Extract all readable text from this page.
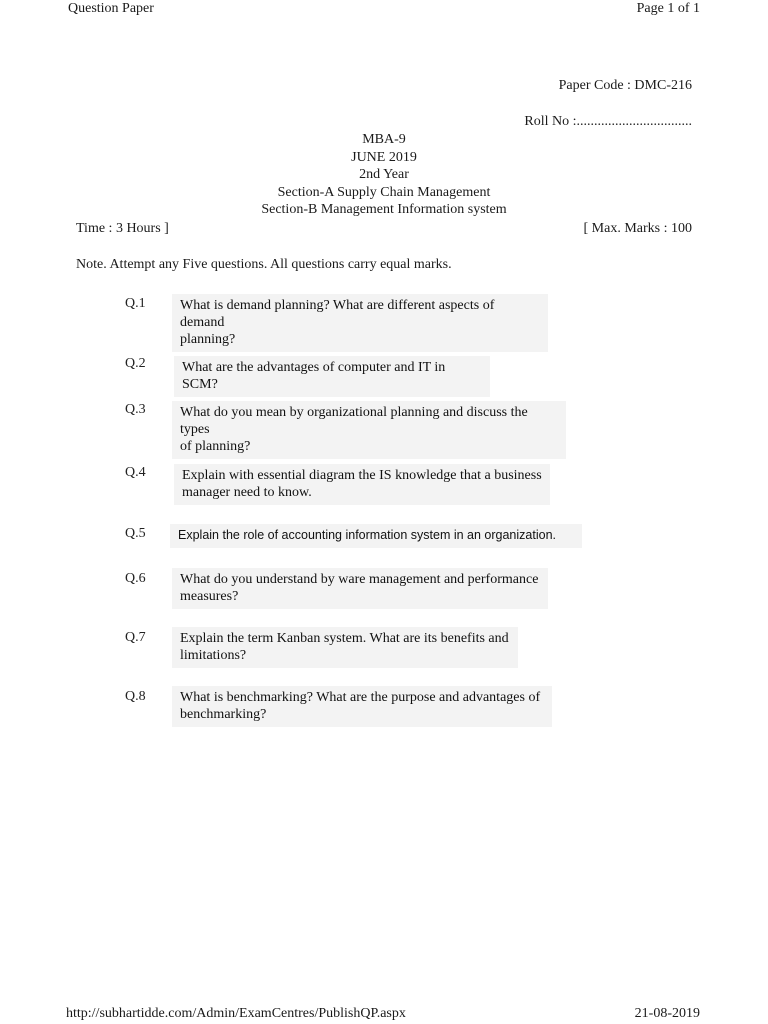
Question Paper	Page 1 of 1
Paper Code : DMC-216
Roll No :.................................
MBA-9
JUNE 2019
2nd Year
Section-A Supply Chain Management
Section-B Management Information system
Time : 3 Hours ]	[ Max. Marks : 100
Note. Attempt any Five questions. All questions carry equal marks.
Q.1 What is demand planning? What are different aspects of demand
planning?
Q.2	What are the advantages of computer and IT in SCM?
Q.3 What do you mean by organizational planning and discuss the types
of planning?
Q.4	Explain with essential diagram the IS knowledge that a business
manager need to know.
Q.5	Explain the role of accounting information system in an organization.
Q.6 What do you understand by ware management and performance
measures?
Q.7 Explain the term Kanban system. What are its benefits and
limitations?
Q.8 What is benchmarking? What are the purpose and advantages of
benchmarking?
http://subhartidde.com/Admin/ExamCentres/PublishQP.aspx	21-08-2019
